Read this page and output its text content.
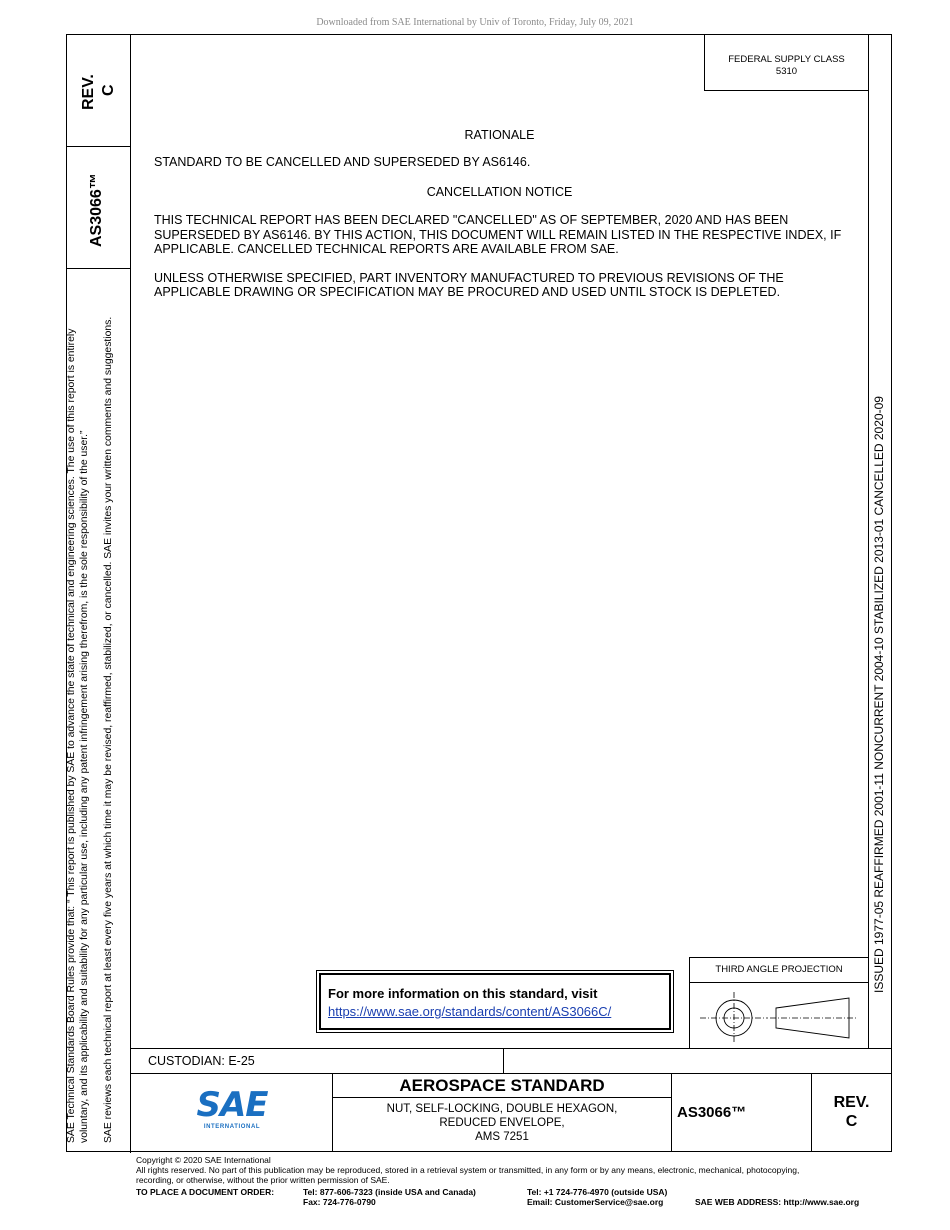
Downloaded from SAE International by Univ of Toronto, Friday, July 09, 2021
REV. C
AS3066™
SAE Technical Standards Board Rules provide that: “ This report is published by SAE to advance the state of technical and engineering sciences. The use of this report is entirely voluntary, and its applicability and suitability for any particular use, including any patent infringement arising therefrom, is the sole responsibility of the user.” SAE reviews each technical report at least every five years at which time it may be revised, reaffirmed, stabilized, or cancelled. SAE invites your written comments and suggestions.	ISSUED 1977-05 REAFFIRMED 2001-11 NONCURRENT 2004-10 STABILIZED 2013-01 CANCELLED 2020-09
FEDERAL SUPPLY CLASS
5310
RATIONALE
STANDARD TO BE CANCELLED AND SUPERSEDED BY AS6146.
CANCELLATION NOTICE
THIS TECHNICAL REPORT HAS BEEN DECLARED "CANCELLED" AS OF SEPTEMBER, 2020 AND HAS BEEN
SUPERSEDED BY AS6146. BY THIS ACTION, THIS DOCUMENT WILL REMAIN LISTED IN THE RESPECTIVE INDEX, IF
APPLICABLE. CANCELLED TECHNICAL REPORTS ARE AVAILABLE FROM SAE.
UNLESS OTHERWISE SPECIFIED, PART INVENTORY MANUFACTURED TO PREVIOUS REVISIONS OF THE
APPLICABLE DRAWING OR SPECIFICATION MAY BE PROCURED AND USED UNTIL STOCK IS DEPLETED.
For more information on this standard, visit
https://www.sae.org/standards/content/AS3066C/
THIRD ANGLE PROJECTION
CUSTODIAN: E-25
SAE
INTERNATIONAL
AEROSPACE STANDARD
NUT, SELF-LOCKING, DOUBLE HEXAGON,
REDUCED ENVELOPE,
AMS 7251
AS3066™
REV.
C
Copyright © 2020 SAE International
All rights reserved. No part of this publication may be reproduced, stored in a retrieval system or transmitted, in any form or by any means, electronic, mechanical, photocopying,
recording, or otherwise, without the prior written permission of SAE.
TO PLACE A DOCUMENT ORDER:	Tel: 877-606-7323 (inside USA and Canada)
Fax: 724-776-0790
Tel: +1 724-776-4970 (outside USA)
Email: CustomerService@sae.org	SAE WEB ADDRESS: http://www.sae.org
